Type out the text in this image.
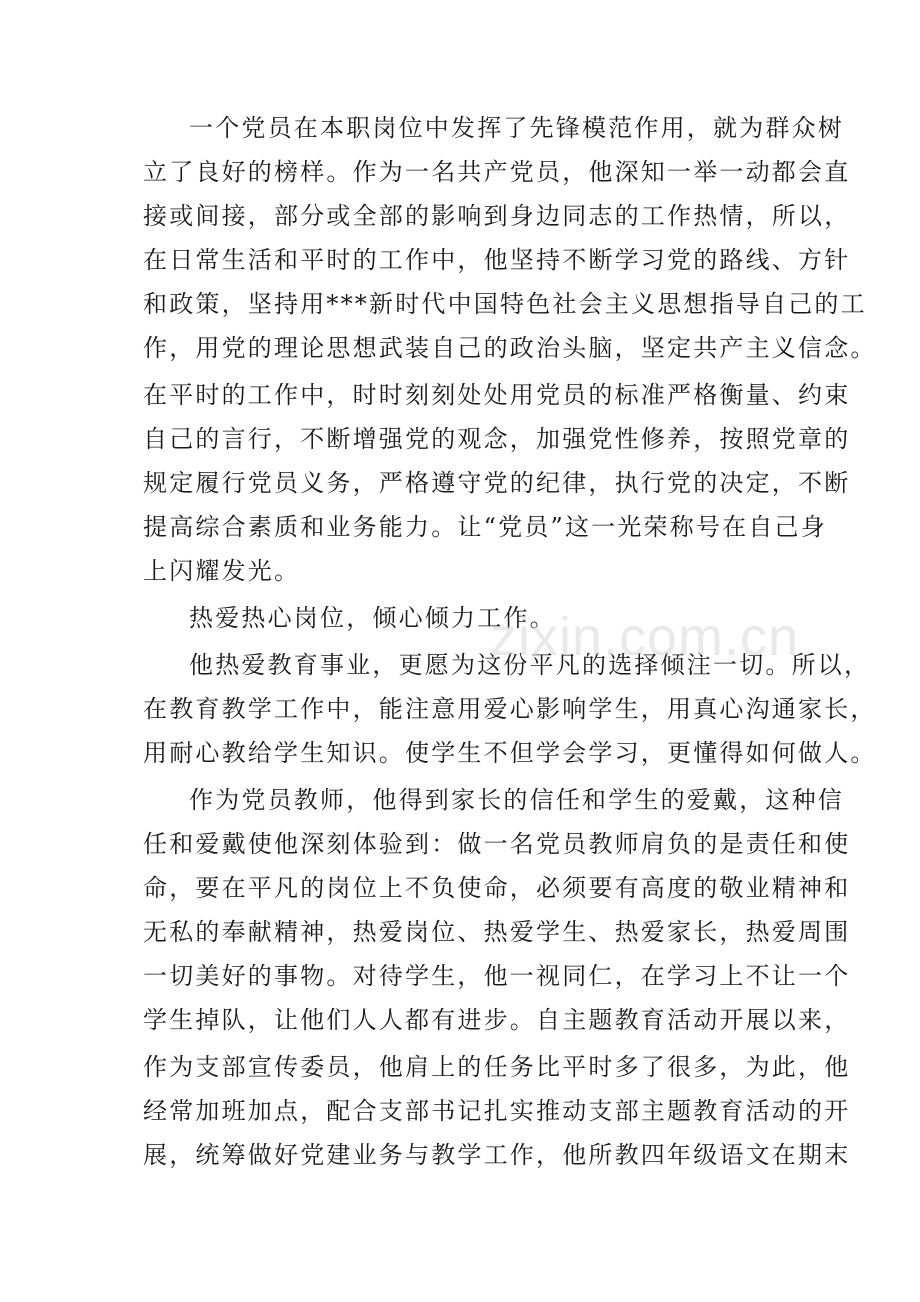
一个党员在本职岗位中发挥了先锋模范作用，就为群众树
立了良好的榜样。作为一名共产党员，他深知一举一动都会直
接或间接，部分或全部的影响到身边同志的工作热情，所以，
在日常生活和平时的工作中，他坚持不断学习党的路线、方针
和政策，坚持用***新时代中国特色社会主义思想指导自己的工
作，用党的理论思想武装自己的政治头脑，坚定共产主义信念。
在平时的工作中，时时刻刻处处用党员的标准严格衡量、约束
自己的言行，不断增强党的观念，加强党性修养，按照党章的
规定履行党员义务，严格遵守党的纪律，执行党的决定，不断
提高综合素质和业务能力。让“党员”这一光荣称号在自己身
上闪耀发光。
热爱热心岗位，倾心倾力工作。
他热爱教育事业，更愿为这份平凡的选择倾注一切。所以，
在教育教学工作中，能注意用爱心影响学生，用真心沟通家长，
用耐心教给学生知识。使学生不但学会学习，更懂得如何做人。
作为党员教师，他得到家长的信任和学生的爱戴，这种信
任和爱戴使他深刻体验到：做一名党员教师肩负的是责任和使
命，要在平凡的岗位上不负使命，必须要有高度的敬业精神和
无私的奉献精神，热爱岗位、热爱学生、热爱家长，热爱周围
一切美好的事物。对待学生，他一视同仁，在学习上不让一个
学生掉队，让他们人人都有进步。自主题教育活动开展以来，
作为支部宣传委员，他肩上的任务比平时多了很多，为此，他
经常加班加点，配合支部书记扎实推动支部主题教育活动的开
展，统筹做好党建业务与教学工作，他所教四年级语文在期末
zixin.com.cn
